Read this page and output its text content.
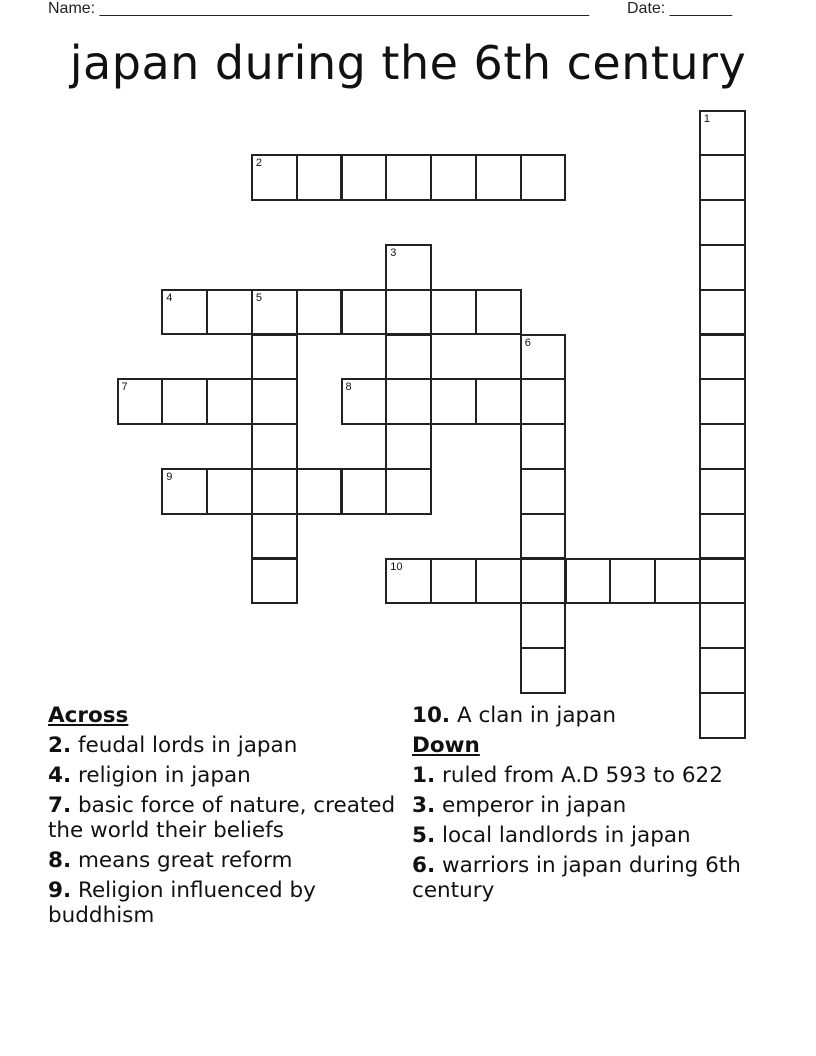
Name: _______________________________________________________ Date: _______
japan during the 6th century
1
2
3
4	5
6
7	8
9
10
Across
2. feudal lords in japan
4. religion in japan
7. basic force of nature, created the world their beliefs
8. means great reform
9. Religion influenced by buddhism
10. A clan in japan
Down
1. ruled from A.D 593 to 622
3. emperor in japan
5. local landlords in japan
6. warriors in japan during 6th century
